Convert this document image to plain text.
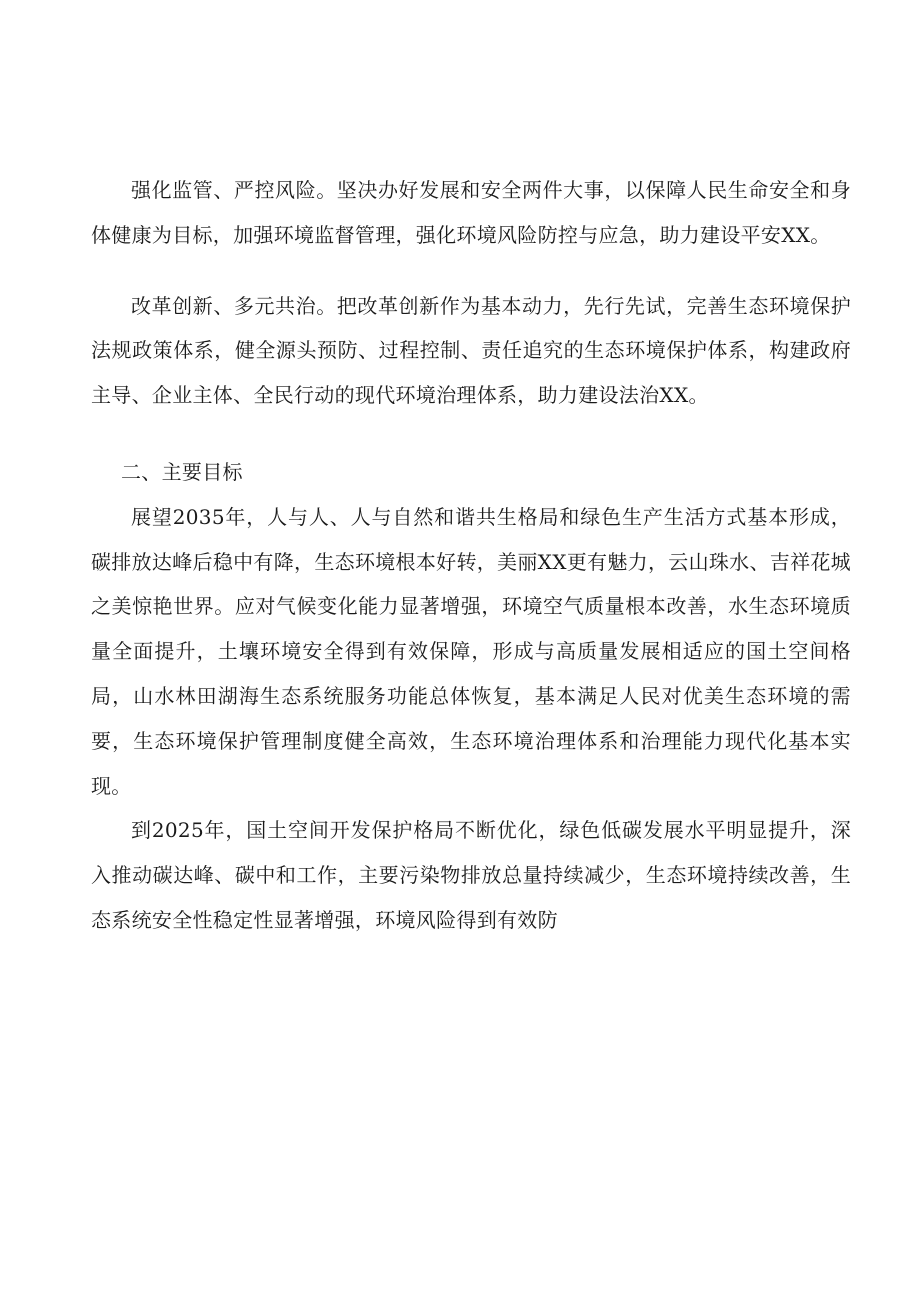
强化监管、严控风险。坚决办好发展和安全两件大事，以保障人民生命安全和身体健康为目标，加强环境监督管理，强化环境风险防控与应急，助力建设平安XX。

改革创新、多元共治。把改革创新作为基本动力，先行先试，完善生态环境保护法规政策体系，健全源头预防、过程控制、责任追究的生态环境保护体系，构建政府主导、企业主体、全民行动的现代环境治理体系，助力建设法治XX。

二、主要目标

展望2035年，人与人、人与自然和谐共生格局和绿色生产生活方式基本形成，碳排放达峰后稳中有降，生态环境根本好转，美丽XX更有魅力，云山珠水、吉祥花城之美惊艳世界。应对气候变化能力显著增强，环境空气质量根本改善，水生态环境质量全面提升，土壤环境安全得到有效保障，形成与高质量发展相适应的国土空间格局，山水林田湖海生态系统服务功能总体恢复，基本满足人民对优美生态环境的需要，生态环境保护管理制度健全高效，生态环境治理体系和治理能力现代化基本实现。

到2025年，国土空间开发保护格局不断优化，绿色低碳发展水平明显提升，深入推动碳达峰、碳中和工作，主要污染物排放总量持续减少，生态环境持续改善，生态系统安全性稳定性显著增强，环境风险得到有效防
